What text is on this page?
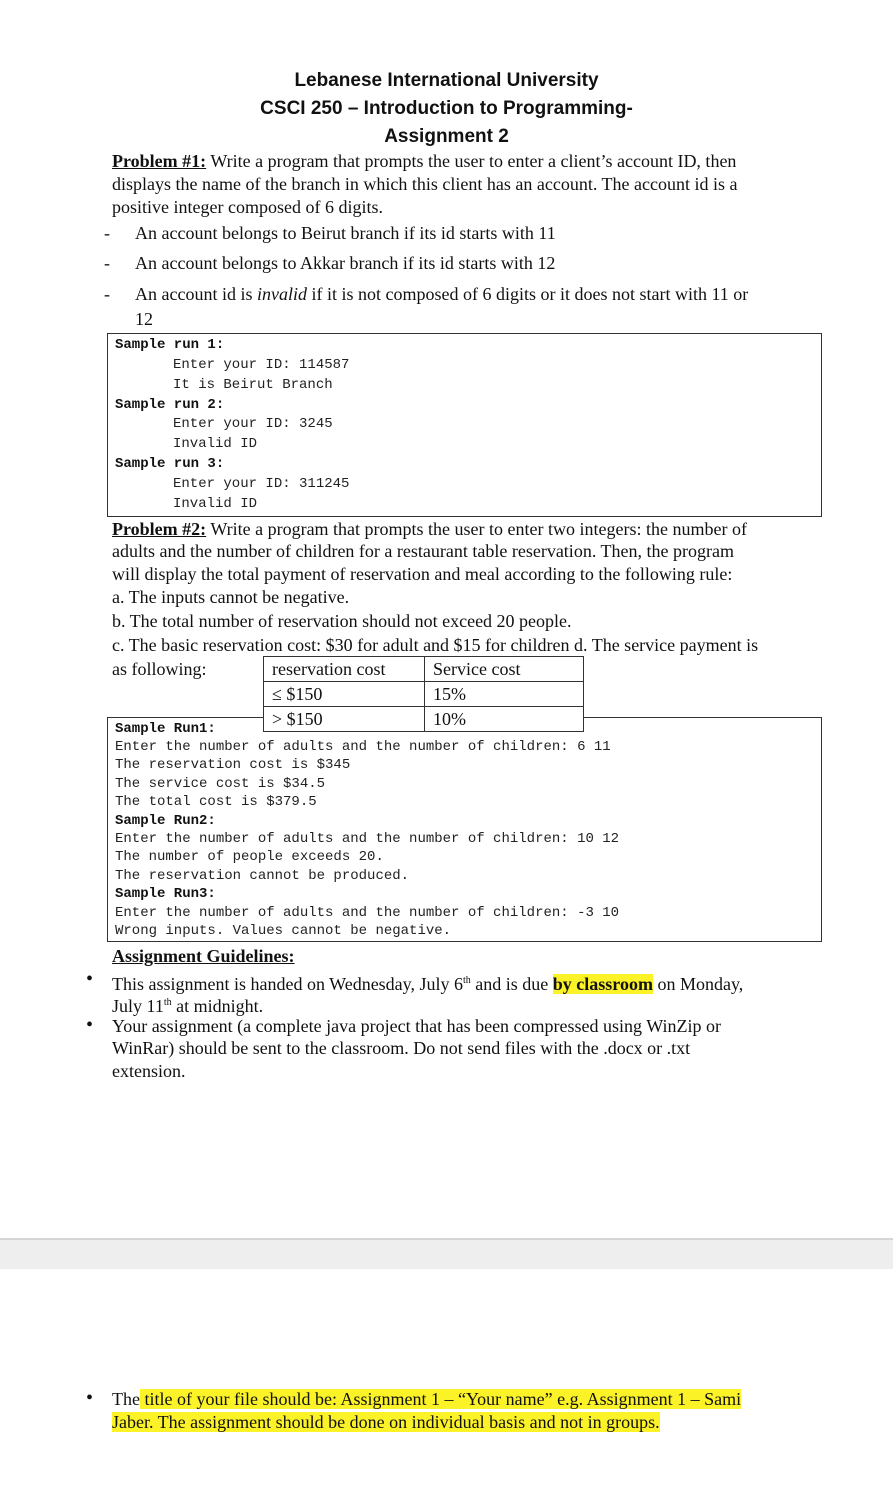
Lebanese International University

CSCI 250 – Introduction to Programming-

Assignment 2

Problem #1: Write a program that prompts the user to enter a client’s account ID, then

displays the name of the branch in which this client has an account. The account id is a

positive integer composed of 6 digits.

- An account belongs to Beirut branch if its id starts with 11

- An account belongs to Akkar branch if its id starts with 12

- An account id is invalid if it is not composed of 6 digits or it does not start with 11 or

12

Sample run 1:

Enter your ID: 114587

It is Beirut Branch

Sample run 2:

Enter your ID: 3245

Invalid ID

Sample run 3:

Enter your ID: 311245

Invalid ID

Problem #2: Write a program that prompts the user to enter two integers: the number of

adults and the number of children for a restaurant table reservation. Then, the program

will display the total payment of reservation and meal according to the following rule:

a. The inputs cannot be negative.

b. The total number of reservation should not exceed 20 people.

c. The basic reservation cost: $30 for adult and $15 for children d. The service payment is

as following:

Sample Run1:

Enter the number of adults and the number of children: 6 11

The reservation cost is $345

The service cost is $34.5

The total cost is $379.5

Sample Run2:

Enter the number of adults and the number of children: 10 12

The number of people exceeds 20.

The reservation cannot be produced.

Sample Run3:

Enter the number of adults and the number of children: -3 10

Wrong inputs. Values cannot be negative.

reservation cost	Service cost
≤ $150	15%
> $150	10%

Assignment Guidelines:

• This assignment is handed on Wednesday, July 6th and is due by classroom on Monday,

July 11th at midnight.

• Your assignment (a complete java project that has been compressed using WinZip or

WinRar) should be sent to the classroom. Do not send files with the .docx or .txt

extension.

• The title of your file should be: Assignment 1 – “Your name” e.g. Assignment 1 – Sami

Jaber. The assignment should be done on individual basis and not in groups.
